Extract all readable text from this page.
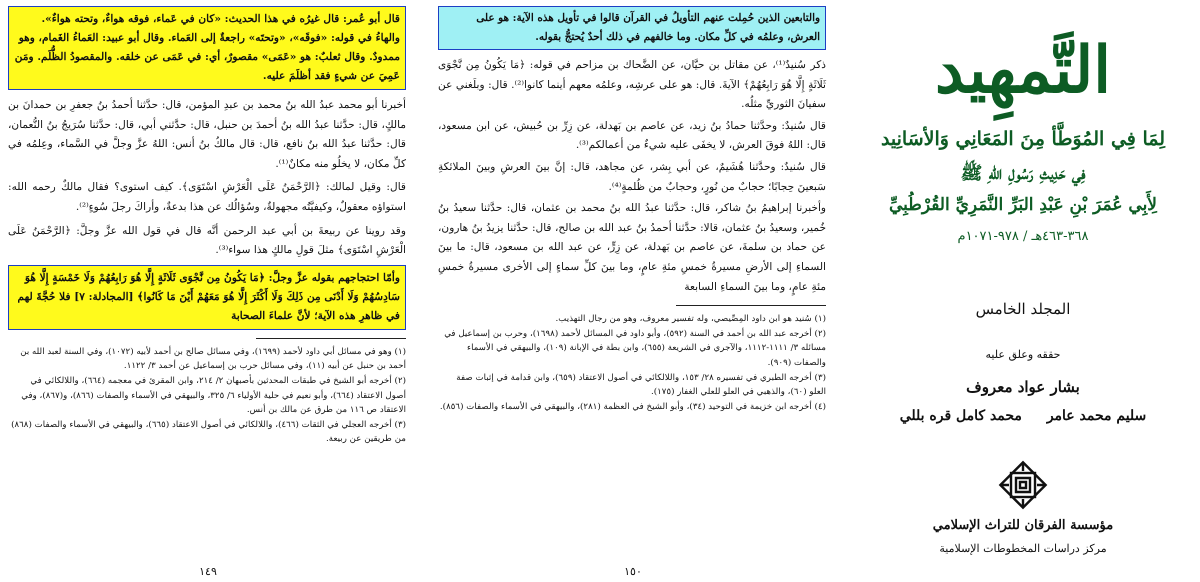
قال أبو عُمر: قال غيرُه في هذا الحديث: «كان في عَماء، فوقه هواءٌ، وتحته هواءٌ». والهاءُ في قوله: «فوقَه»، «وتحتَه» راجعةٌ إلى العَماء. وقال أبو عبيد: العَماءُ الغَمام، وهو ممدودٌ. وقال ثعلبٌ: هو «عَمَى» مقصورٌ، أي: في عَمَى عن خلقه. والمقصودُ الظُّلَم. ومَن عَمِيَ عن شيءٍ فقد أظلَمَ عليه.

أخبرنا أبو محمد عبدُ الله بنُ محمد بن عبدِ المؤمن، قال: حدَّثنا أحمدُ بنُ جعفرِ بن حمدانَ بن مالكٍ، قال: حدَّثنا عبدُ الله بنُ أحمدَ بن حنبل، قال: حدَّثني أبي، قال: حدَّثنا سُرَيجُ بنُ النُّعمان، قال: حدَّثنا عبدُ الله بنُ نافع، قال: قال مالكُ بنُ أنس: اللهُ عزَّ وجلَّ في السَّماء، وعِلمُه في كلِّ مكان، لا يخلُو منه مكانٌ⁽¹⁾.

قال: وقيل لمالك: ﴿الرَّحْمَنُ عَلَى الْعَرْشِ اسْتَوَى﴾. كيف استوى؟ فقال مالكٌ رحمه الله: استواؤه معقولٌ، وكيفيَّتُه مجهولةٌ، وسُؤالُك عن هذا بدعةٌ، وأراكَ رجلَ سُوءٍ⁽²⁾.

وقد روينا عن ربيعةَ بن أبي عبد الرحمن أنَّه قال في قول الله عزَّ وجلَّ: ﴿الرَّحْمَنُ عَلَى الْعَرْشِ اسْتَوَى﴾ مثلَ قولِ مالكٍ هذا سواء⁽³⁾.

وأمّا احتجاجهم بقوله عزَّ وجلَّ: ﴿مَا يَكُونُ مِن نَّجْوَى ثَلَاثَةٍ إِلَّا هُوَ رَابِعُهُمْ وَلَا خَمْسَةٍ إِلَّا هُوَ سَادِسُهُمْ وَلَا أَدْنَى مِن ذَلِكَ وَلَا أَكْثَرَ إِلَّا هُوَ مَعَهُمْ أَيْنَ مَا كَانُوا﴾ [المجادلة: ٧] فلا حُجَّةَ لهم في ظاهرِ هذه الآية؛ لأنَّ علماءَ الصحابة

(١) وهو في مسائل أبي داود لأحمد (١٦٩٩)، وفي مسائل صالح بن أحمد لأبيه (١٠٧٢)، وفي السنة لعبد الله بن أحمد بن حنبل عن أبيه (١١)، وفي مسائل حرب بن إسماعيل عن أحمد ٣/ ١١٢٢.

(٢) أخرجه أبو الشيخ في طبقات المحدثين بأصبهان ٢/ ٢١٤، وابن المقرئ في معجمه (٦٦٤)، واللالكائي في أصول الاعتقاد (٦٦٤)، وأبو نعيم في حلية الأولياء ٦/ ٣٢٥، والبيهقي في الأسماء والصفات (٨٦٦)، و(٨٦٧)، وفي الاعتقاد ص ١١٦ من طرق عن مالك بن أنس.

(٣) أخرجه العجلي في الثقات (٤٦٦)، واللالكائي في أصول الاعتقاد (٦٦٥)، والبيهقي في الأسماء والصفات (٨٦٨) من طريقين عن ربيعة.

١٤٩
والتابعين الذين حُمِلت عنهم التأويلُ في القرآن قالوا في تأويل هذه الآية: هو على العرش، وعلمُه في كلِّ مكان. وما خالفهم في ذلك أحدٌ يُحتجُّ بقوله.

ذكر سُنيدٌ⁽¹⁾، عن مقاتل بن حيَّان، عن الضَّحاك بن مزاحم في قوله: ﴿مَا يَكُونُ مِن نَّجْوَى ثَلَاثَةٍ إِلَّا هُوَ رَابِعُهُمْ﴾ الآيةَ. قال: هو على عرشِه، وعلمُه معهم أينما كانوا⁽²⁾. قال: وبلَغني عن سفيانَ الثوريِّ مثلُه.

قال سُنيدٌ: وحدَّثنا حمادُ بنُ زيد، عن عاصم بن بَهدلة، عن زِرِّ بن حُبيش، عن ابن مسعود، قال: اللهُ فوقَ العرش، لا يخفَى عليه شيءٌ من أعمالكم⁽³⁾.

قال سُنيدٌ: وحدَّثنا هُشَيمٌ، عن أبي بِشر، عن مجاهد، قال: إنَّ بينَ العرشِ وبينَ الملائكةِ سَبعينَ حِجابًا؛ حجابٌ من نُورٍ، وحجابٌ من ظُلمةٍ⁽⁴⁾.

وأخبرنا إبراهيمُ بنُ شاكر، قال: حدَّثنا عبدُ الله بنُ محمد بن عثمان، قال: حدَّثنا سعيدُ بنُ خُمير، وسعيدُ بنُ عثمان، قالا: حدَّثنا أحمدُ بنُ عبد الله بن صالح، قال: حدَّثنا يزيدُ بنُ هارون، عن حماد بن سلمةَ، عن عاصم بن بَهدلة، عن زِرٍّ، عن عبد الله بن مسعود، قال: ما بينَ السماءِ إلى الأرضِ مسيرةُ خمسِ مئةِ عامٍ، وما بينَ كلِّ سماءٍ إلى الأخرى مسيرةُ خمسِ مئةِ عامٍ، وما بينَ السماءِ السابعة

(١) سُنيد هو ابن داود المِصِّيصي، وله تفسير معروف، وهو من رجال التهذيب.

(٢) أخرجه عبد الله بن أحمد في السنة (٥٩٢)، وأبو داود في المسائل لأحمد (١٦٩٨)، وحرب بن إسماعيل في مسائله ٣/ ١١١١-١١١٢، والآجري في الشريعة (٦٥٥)، وابن بطة في الإبانة (١٠٩)، والبيهقي في الأسماء والصفات (٩٠٩).

(٣) أخرجه الطبري في تفسيره ٢٨/ ١٥٣، واللالكائي في أصول الاعتقاد (٦٥٩)، وابن قدامة في إثبات صفة العلو (٦٠)، والذهبي في العلو للعلي الغفار (١٧٥).

(٤) أخرجه ابن خزيمة في التوحيد (٣٤)، وأبو الشيخ في العظمة (٢٨١)، والبيهقي في الأسماء والصفات (٨٥٦).

١٥٠
التَّمهِيد
لِمَا فِي المُوَطَّأ مِنَ المَعَانِي وَالأسَانِيد
فِي حَدِيثِ رَسُولِ اللهِ ﷺ
لِأَبِي عُمَرَ بْنِ عَبْدِ البَرِّ النَّمَرِيِّ القُرْطُبِيِّ
٣٦٨-٤٦٣هـ / ٩٧٨-١٠٧١م
المجلد الخامس
حققه وعلق عليه
بشار عواد معروف
سليم محمد عامر محمد كامل قره بللي
مؤسسة الفرقان للتراث الإسلامي
مركز دراسات المخطوطات الإسلامية
